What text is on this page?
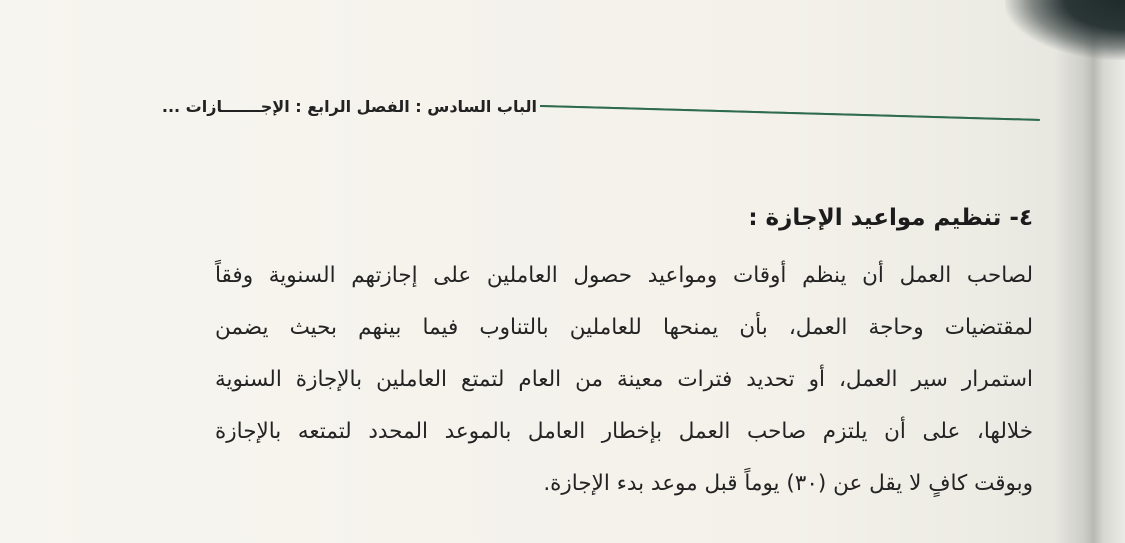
الباب السادس : الفصل الرابع : الإجـــــــازات ...
٤- تنظيم مواعيد الإجازة :
لصاحب العمل أن ينظم أوقات ومواعيد حصول العاملين على إجازتهم السنوية وفقاً
لمقتضيات وحاجة العمل، بأن يمنحها للعاملين بالتناوب فيما بينهم بحيث يضمن
استمرار سير العمل، أو تحديد فترات معينة من العام لتمتع العاملين بالإجازة السنوية
خلالها، على أن يلتزم صاحب العمل بإخطار العامل بالموعد المحدد لتمتعه بالإجازة
وبوقت كافٍ لا يقل عن (٣٠) يوماً قبل موعد بدء الإجازة.
